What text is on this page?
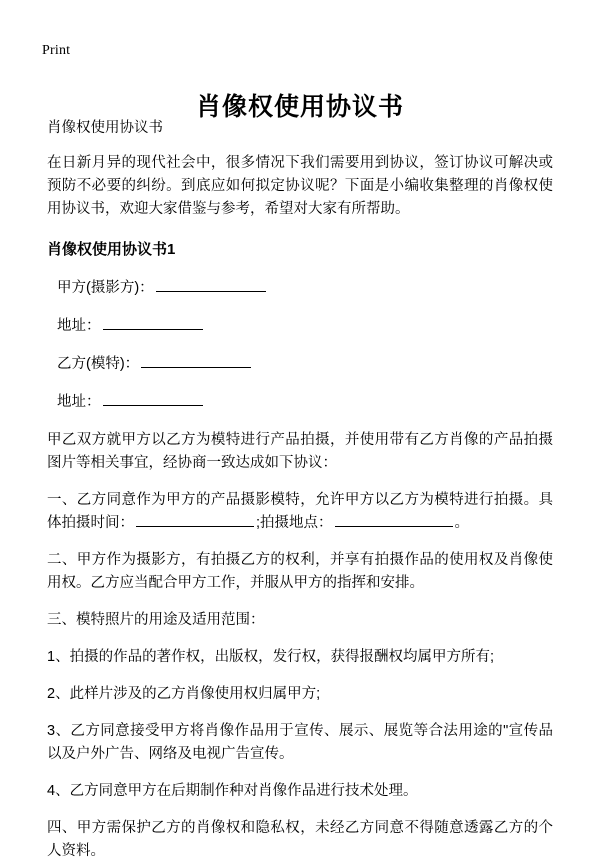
Print
肖像权使用协议书
肖像权使用协议书

在日新月异的现代社会中，很多情况下我们需要用到协议，签订协议可解决或预防不必要的纠纷。到底应如何拟定协议呢？下面是小编收集整理的肖像权使用协议书，欢迎大家借鉴与参考，希望对大家有所帮助。

肖像权使用协议书1
甲方(摄影方)：
地址：
乙方(模特)：
地址：

甲乙双方就甲方以乙方为模特进行产品拍摄，并使用带有乙方肖像的产品拍摄图片等相关事宜，经协商一致达成如下协议：

一、乙方同意作为甲方的产品摄影模特，允许甲方以乙方为模特进行拍摄。具体拍摄时间：	;拍摄地点：	。

二、甲方作为摄影方，有拍摄乙方的权利，并享有拍摄作品的使用权及肖像使用权。乙方应当配合甲方工作，并服从甲方的指挥和安排。

三、模特照片的用途及适用范围：

1、拍摄的作品的著作权，出版权，发行权，获得报酬权均属甲方所有;

2、此样片涉及的乙方肖像使用权归属甲方;

3、乙方同意接受甲方将肖像作品用于宣传、展示、展览等合法用途的"宣传品以及户外广告、网络及电视广告宣传。

4、乙方同意甲方在后期制作种对肖像作品进行技术处理。

四、甲方需保护乙方的肖像权和隐私权，未经乙方同意不得随意透露乙方的个人资料。
